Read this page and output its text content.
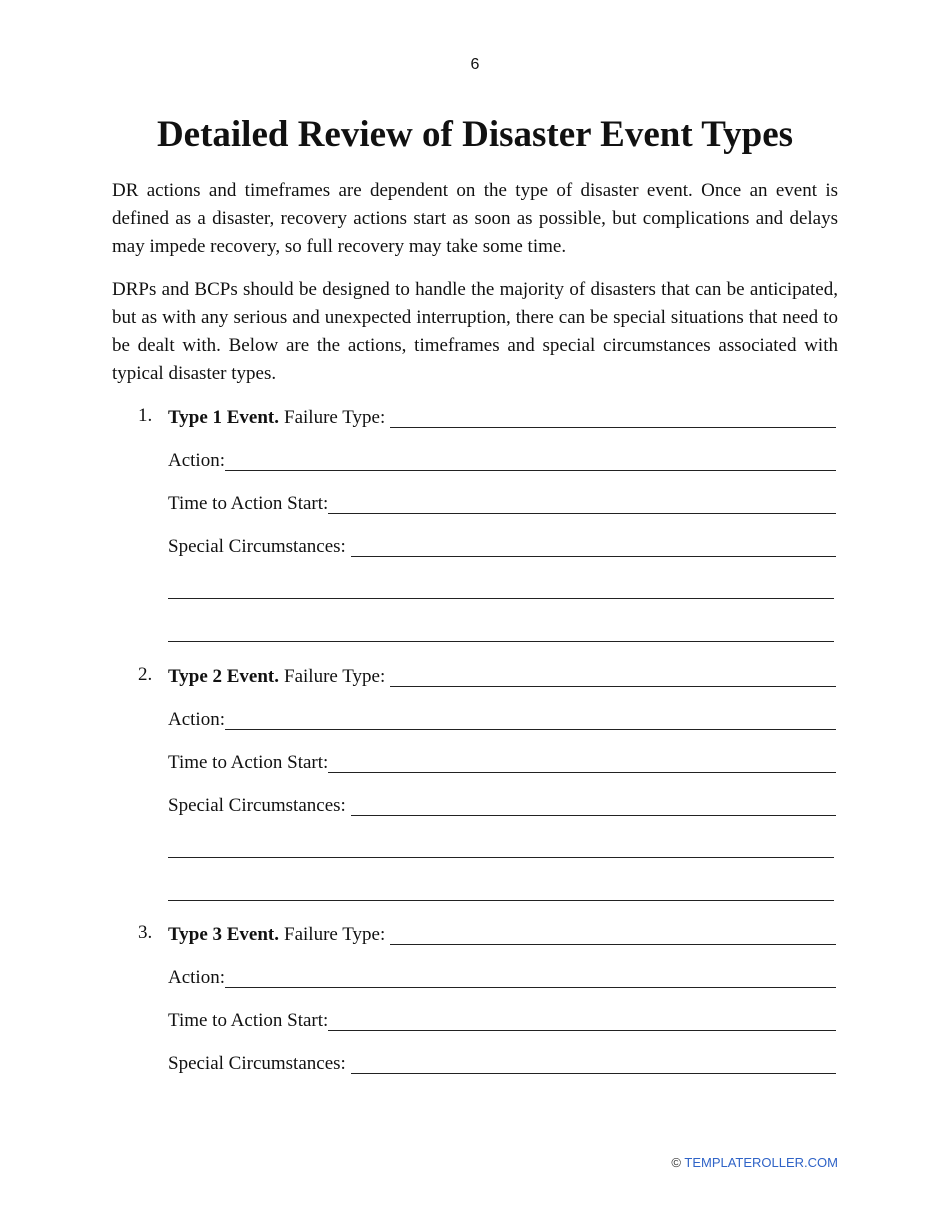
6
Detailed Review of Disaster Event Types

DR actions and timeframes are dependent on the type of disaster event. Once an event is defined as a disaster, recovery actions start as soon as possible, but complications and delays may impede recovery, so full recovery may take some time.

DRPs and BCPs should be designed to handle the majority of disasters that can be anticipated, but as with any serious and unexpected interruption, there can be special situations that need to be dealt with. Below are the actions, timeframes and special circumstances associated with typical disaster types.

1. Type 1 Event. Failure Type:
Action:
Time to Action Start:
Special Circumstances:
2. Type 2 Event. Failure Type:
Action:
Time to Action Start:
Special Circumstances:
3. Type 3 Event. Failure Type:
Action:
Time to Action Start:
Special Circumstances:
© TEMPLATEROLLER.COM
